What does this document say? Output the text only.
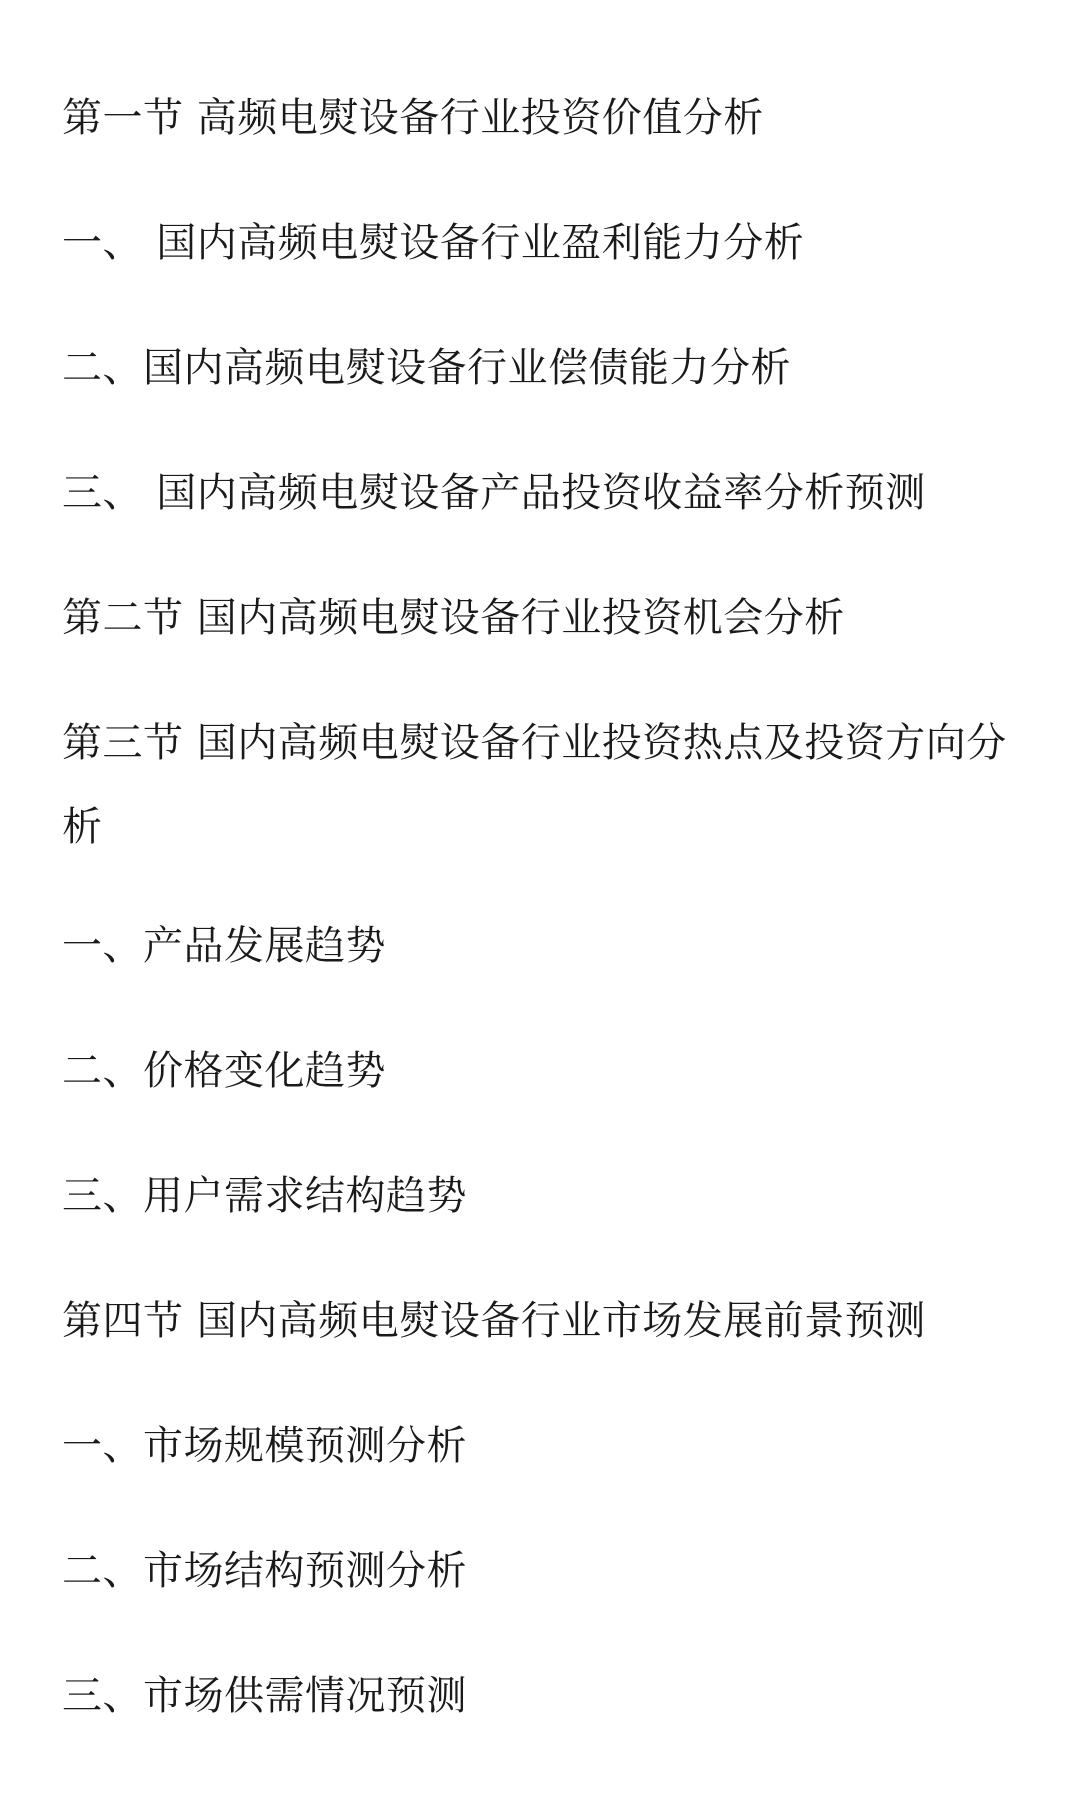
第一节 高频电熨设备行业投资价值分析
一、 国内高频电熨设备行业盈利能力分析
二、国内高频电熨设备行业偿债能力分析
三、 国内高频电熨设备产品投资收益率分析预测
第二节 国内高频电熨设备行业投资机会分析
第三节 国内高频电熨设备行业投资热点及投资方向分析
一、产品发展趋势
二、价格变化趋势
三、用户需求结构趋势
第四节 国内高频电熨设备行业市场发展前景预测
一、市场规模预测分析
二、市场结构预测分析
三、市场供需情况预测
